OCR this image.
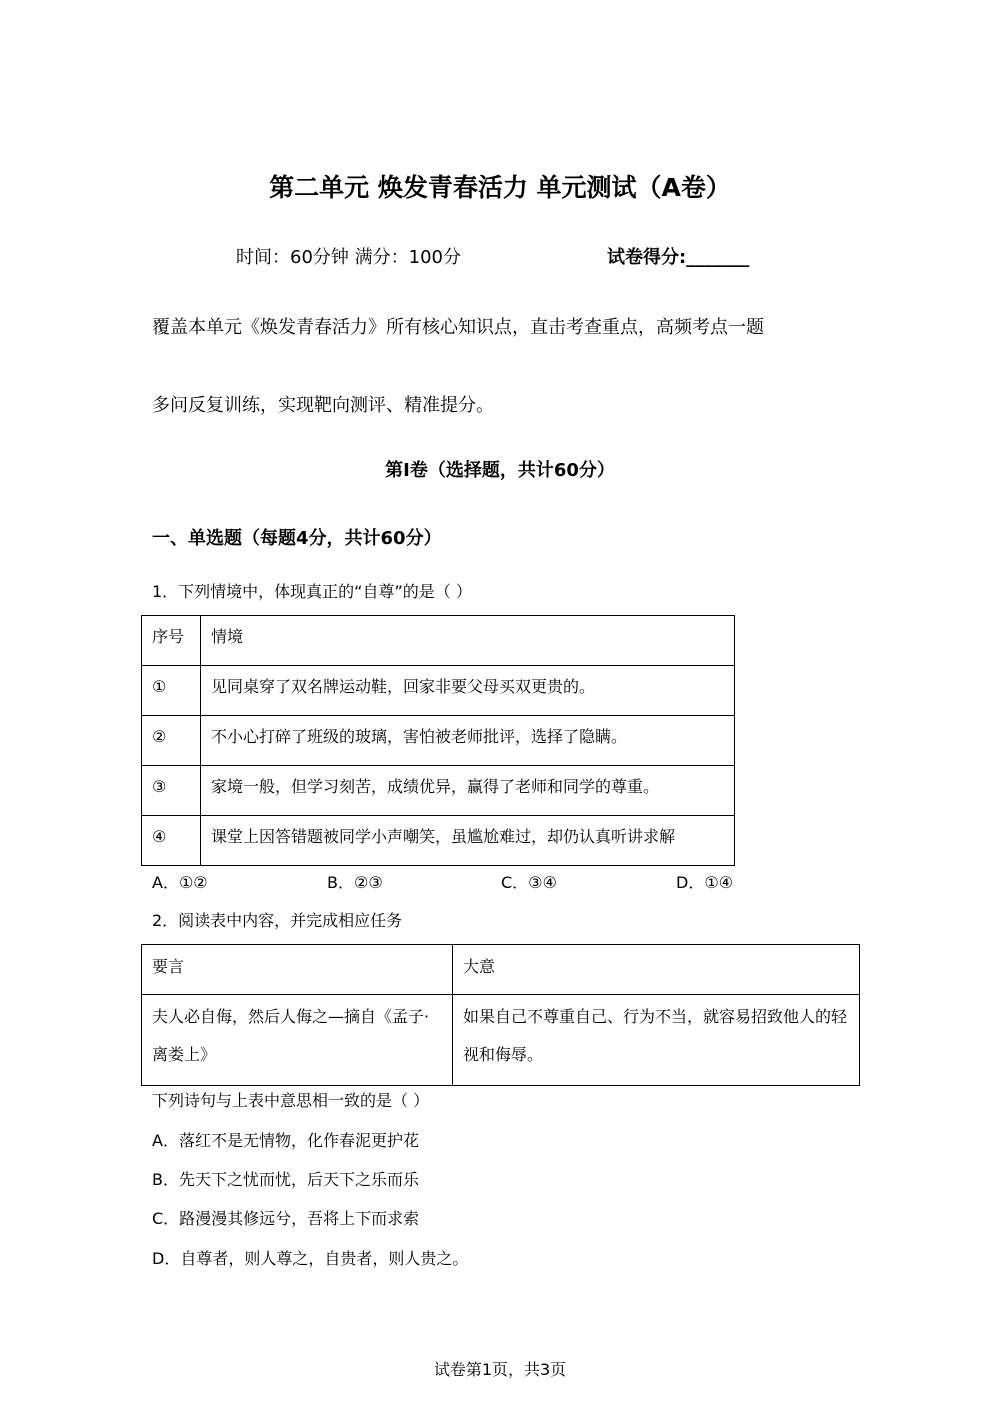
第二单元 焕发青春活力 单元测试（A卷）
时间：60分钟 满分：100分	试卷得分:_______
覆盖本单元《焕发青春活力》所有核心知识点，直击考查重点，高频考点一题
多问反复训练，实现靶向测评、精准提分。
第Ⅰ卷（选择题，共计60分）
一、单选题（每题4分，共计60分）
1．下列情境中，体现真正的“自尊”的是（ ）
序号	情境
①	见同桌穿了双名牌运动鞋，回家非要父母买双更贵的。
②	不小心打碎了班级的玻璃，害怕被老师批评，选择了隐瞒。
③	家境一般，但学习刻苦，成绩优异，赢得了老师和同学的尊重。
④	课堂上因答错题被同学小声嘲笑，虽尴尬难过，却仍认真听讲求解
A．①②	B．②③	C．③④	D．①④
2．阅读表中内容，并完成相应任务
要言	大意
夫人必自侮，然后人侮之—摘自《孟子·离娄上》	如果自己不尊重自己、行为不当，就容易招致他人的轻视和侮辱。
下列诗句与上表中意思相一致的是（ ）
A．落红不是无情物，化作春泥更护花
B．先天下之忧而忧，后天下之乐而乐
C．路漫漫其修远兮，吾将上下而求索
D．自尊者，则人尊之，自贵者，则人贵之。
试卷第1页，共3页
